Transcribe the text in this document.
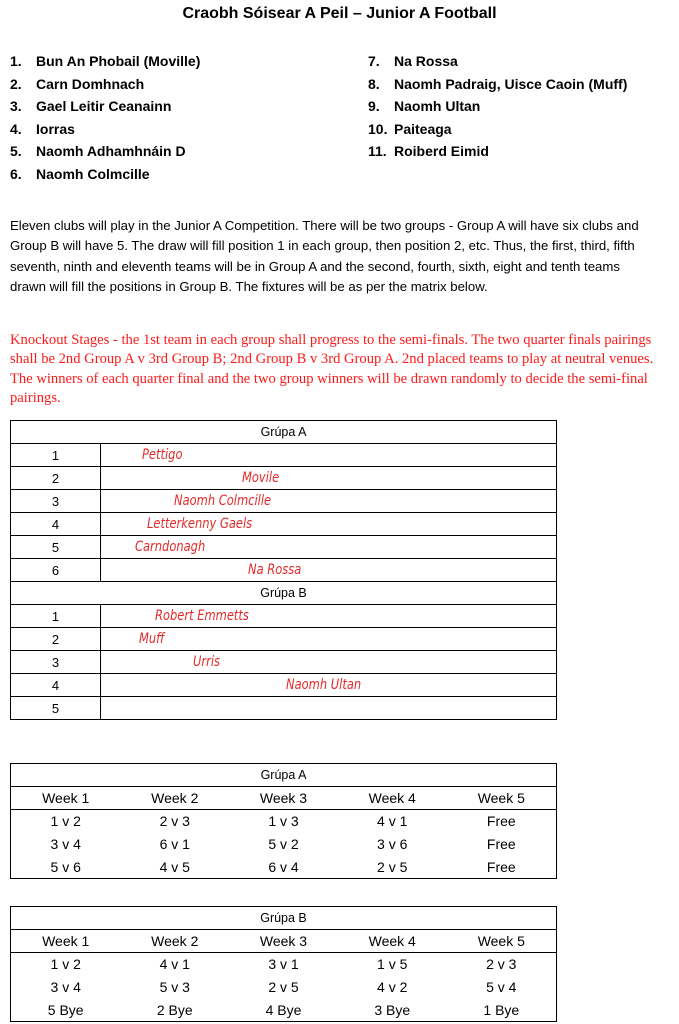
Craobh Sóisear A Peil – Junior A Football
1. Bun An Phobail (Moville)
2. Carn Domhnach
3. Gael Leitir Ceanainn
4. Iorras
5. Naomh Adhamhnáin D
6. Naomh Colmcille
7. Na Rossa
8. Naomh Padraig, Uisce Caoin (Muff)
9. Naomh Ultan
10. Paiteaga
11. Roiberd Eimid

Eleven clubs will play in the Junior A Competition. There will be two groups - Group A will have six clubs and Group B will have 5. The draw will fill position 1 in each group, then position 2, etc. Thus, the first, third, fifth seventh, ninth and eleventh teams will be in Group A and the second, fourth, sixth, eight and tenth teams drawn will fill the positions in Group B. The fixtures will be as per the matrix below.

Knockout Stages - the 1st team in each group shall progress to the semi-finals. The two quarter finals pairings shall be 2nd Group A v 3rd Group B; 2nd Group B v 3rd Group A. 2nd placed teams to play at neutral venues. The winners of each quarter final and the two group winners will be drawn randomly to decide the semi-final pairings.

Grúpa A	
1	Pettigo
2	Movile
3	Naomh Colmcille
4	Letterkenny Gaels
5	Carndonagh
6	Na Rossa
Grúpa B	
1	Robert Emmetts
2	Muff
3	Urris
4	Naomh Ultan
5	
Grúpa A				
Week 1	Week 2	Week 3	Week 4	Week 5
1 v 2	2 v 3	1 v 3	4 v 1	Free
3 v 4	6 v 1	5 v 2	3 v 6	Free
5 v 6	4 v 5	6 v 4	2 v 5	Free
Grúpa B				
Week 1	Week 2	Week 3	Week 4	Week 5
1 v 2	4 v 1	3 v 1	1 v 5	2 v 3
3 v 4	5 v 3	2 v 5	4 v 2	5 v 4
5 Bye	2 Bye	4 Bye	3 Bye	1 Bye
